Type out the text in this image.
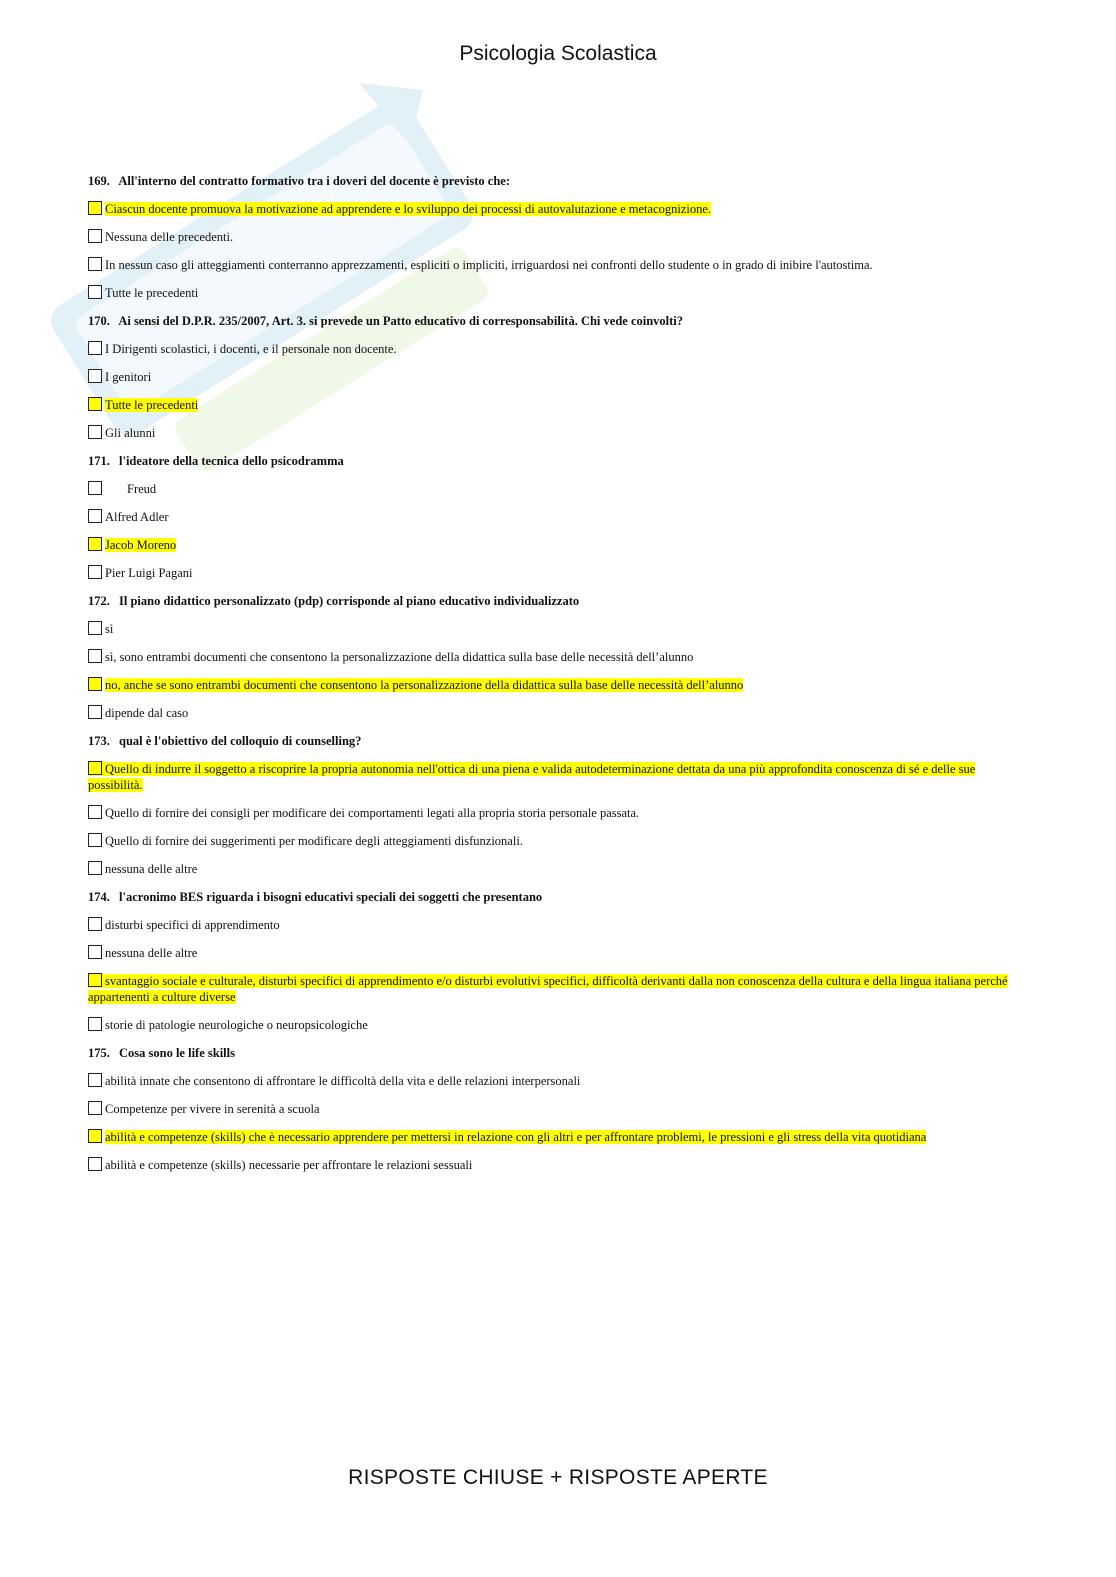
Psicologia Scolastica
169. All'interno del contratto formativo tra i doveri del docente è previsto che:
Ciascun docente promuova la motivazione ad apprendere e lo sviluppo dei processi di autovalutazione e metacognizione.
Nessuna delle precedenti.
In nessun caso gli atteggiamenti conterranno apprezzamenti, espliciti o impliciti, irriguardosi nei confronti dello studente o in grado di inibire l'autostima.
Tutte le precedenti
170. Ai sensi del D.P.R. 235/2007, Art. 3. si prevede un Patto educativo di corresponsabilità. Chi vede coinvolti?
I Dirigenti scolastici, i docenti, e il personale non docente.
I genitori
Tutte le precedenti
Gli alunni
171. l'ideatore della tecnica dello psicodramma
Freud
Alfred Adler
Jacob Moreno
Pier Luigi Pagani
172. Il piano didattico personalizzato (pdp) corrisponde al piano educativo individualizzato
sì
sì, sono entrambi documenti che consentono la personalizzazione della didattica sulla base delle necessità dell’alunno
no, anche se sono entrambi documenti che consentono la personalizzazione della didattica sulla base delle necessità dell’alunno
dipende dal caso
173. qual è l'obiettivo del colloquio di counselling?
Quello di indurre il soggetto a riscoprire la propria autonomia nell'ottica di una piena e valida autodeterminazione dettata da una più approfondita conoscenza di sé e delle sue possibilità.
Quello di fornire dei consigli per modificare dei comportamenti legati alla propria storia personale passata.
Quello di fornire dei suggerimenti per modificare degli atteggiamenti disfunzionali.
nessuna delle altre
174. l'acronimo BES riguarda i bisogni educativi speciali dei soggetti che presentano
disturbi specifici di apprendimento
nessuna delle altre
svantaggio sociale e culturale, disturbi specifici di apprendimento e/o disturbi evolutivi specifici, difficoltà derivanti dalla non conoscenza della cultura e della lingua italiana perché appartenenti a culture diverse
storie di patologie neurologiche o neuropsicologiche
175. Cosa sono le life skills
abilità innate che consentono di affrontare le difficoltà della vita e delle relazioni interpersonali
Competenze per vivere in serenità a scuola
abilità e competenze (skills) che è necessario apprendere per mettersi in relazione con gli altri e per affrontare problemi, le pressioni e gli stress della vita quotidiana
abilità e competenze (skills) necessarie per affrontare le relazioni sessuali
RISPOSTE CHIUSE + RISPOSTE APERTE
